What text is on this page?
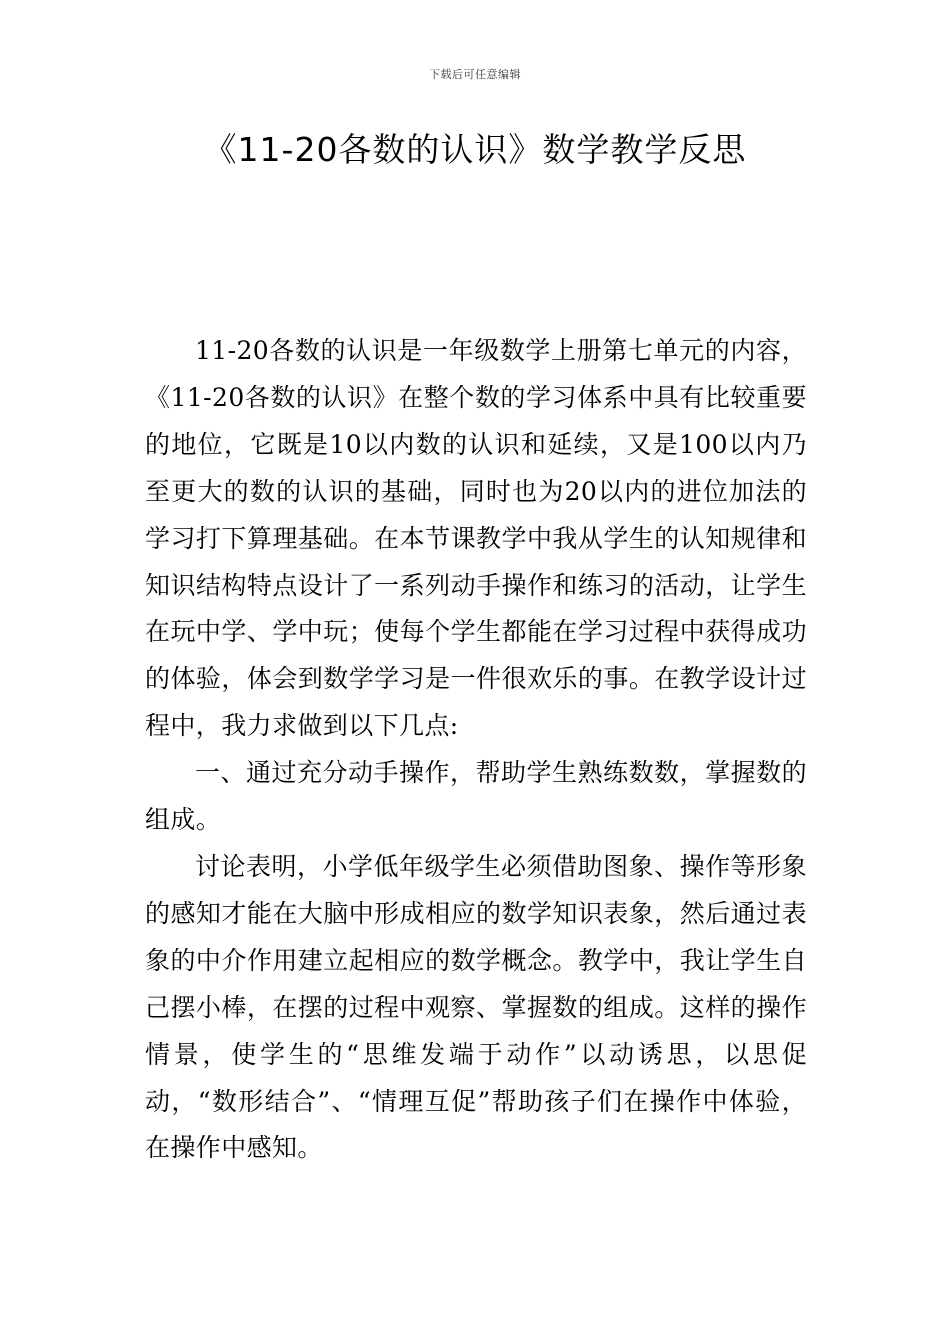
下载后可任意编辑
《11-20各数的认识》数学教学反思

11-20各数的认识是一年级数学上册第七单元的内容，《11-20各数的认识》在整个数的学习体系中具有比较重要的地位，它既是10以内数的认识和延续，又是100以内乃至更大的数的认识的基础，同时也为20以内的进位加法的学习打下算理基础。在本节课教学中我从学生的认知规律和知识结构特点设计了一系列动手操作和练习的活动，让学生在玩中学、学中玩；使每个学生都能在学习过程中获得成功的体验，体会到数学学习是一件很欢乐的事。在教学设计过程中，我力求做到以下几点:

一、通过充分动手操作，帮助学生熟练数数，掌握数的组成。

讨论表明，小学低年级学生必须借助图象、操作等形象的感知才能在大脑中形成相应的数学知识表象，然后通过表象的中介作用建立起相应的数学概念。教学中，我让学生自己摆小棒，在摆的过程中观察、掌握数的组成。这样的操作情景，使学生的“思维发端于动作”以动诱思，以思促动，“数形结合”、“情理互促”帮助孩子们在操作中体验，在操作中感知。
